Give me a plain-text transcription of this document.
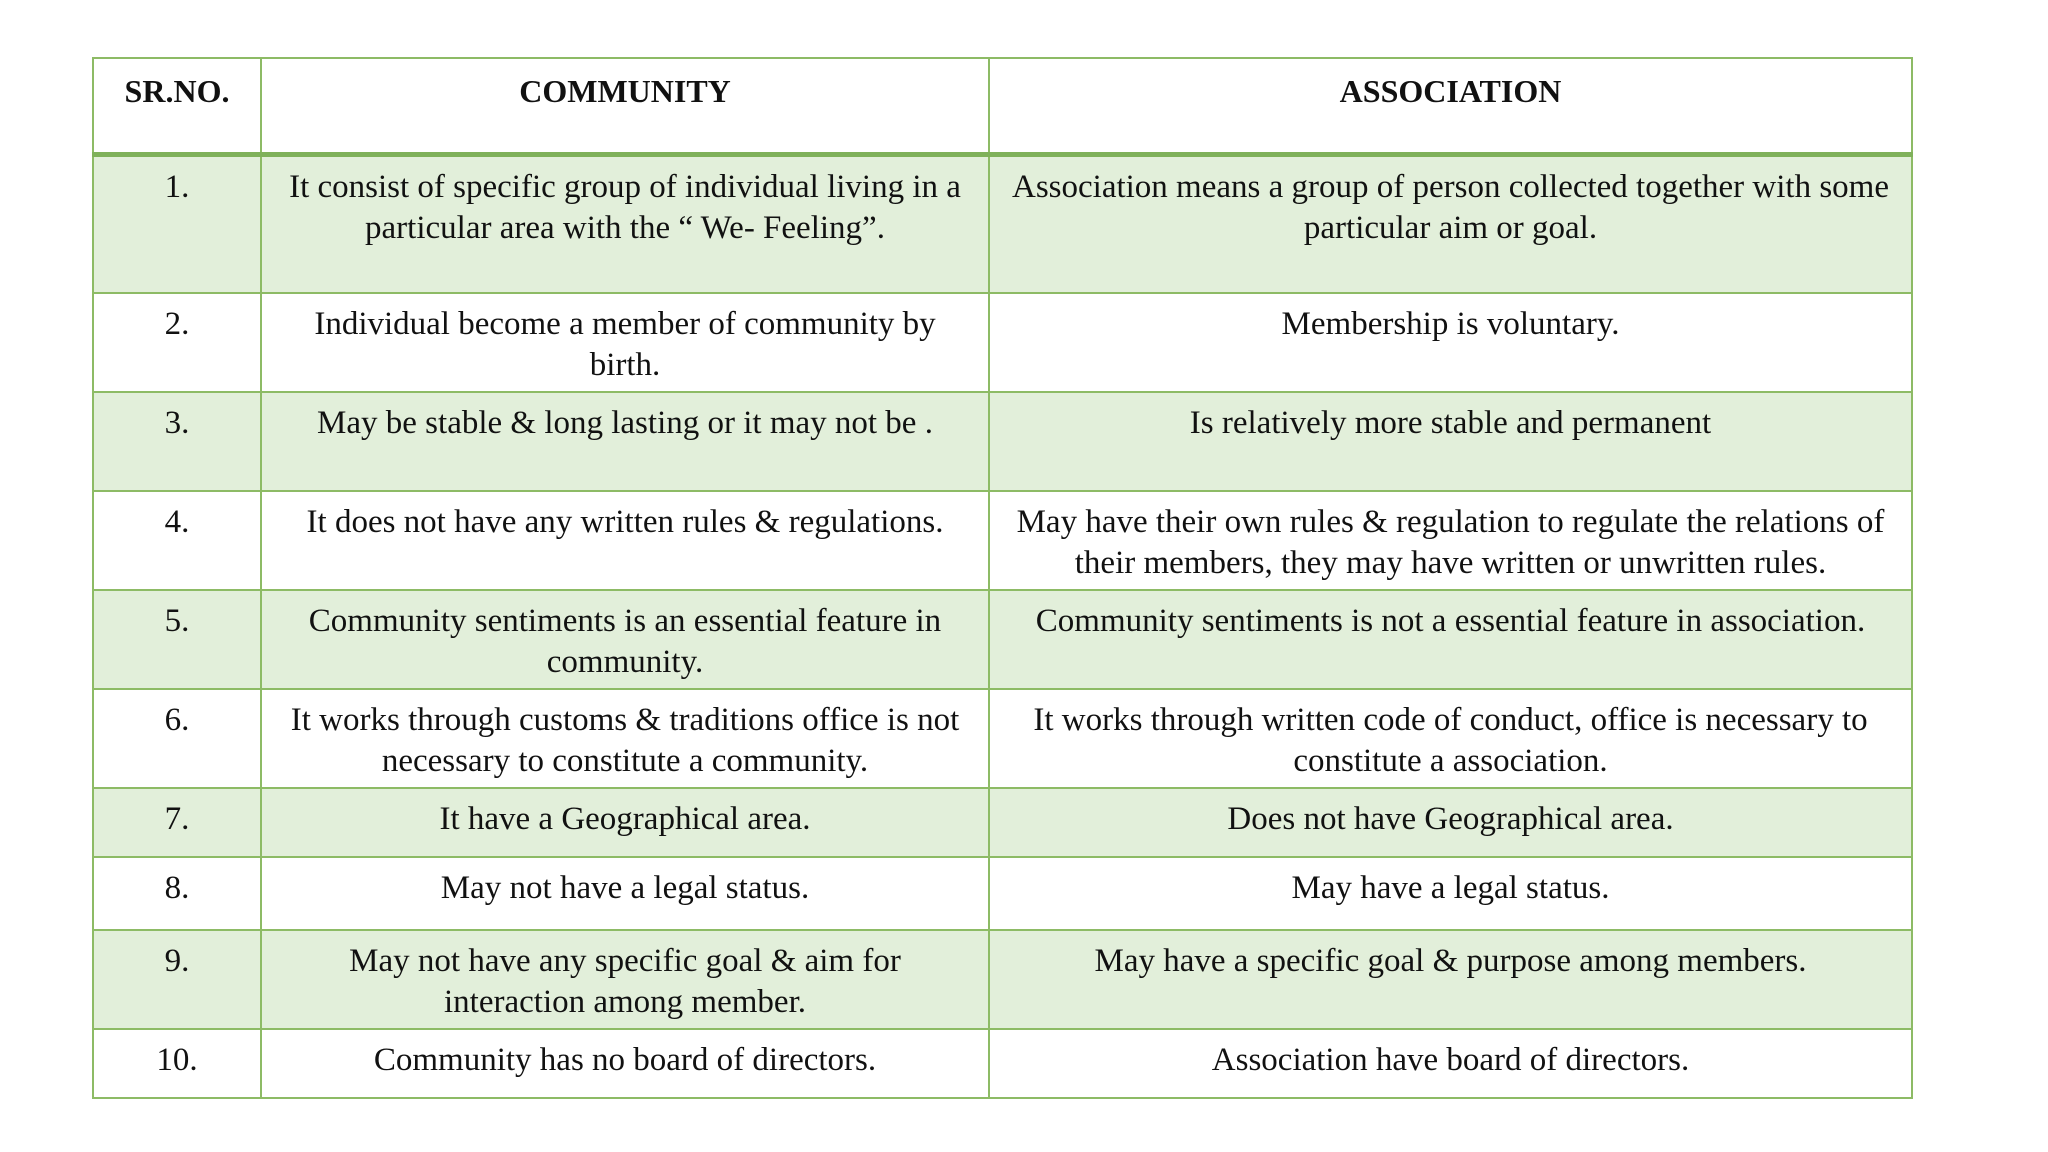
SR.NO.	COMMUNITY	ASSOCIATION
1.	It consist of specific group of individual living in a particular area with the “ We- Feeling”.	Association means a group of person collected together with some particular aim or goal.
2.	Individual become a member of community by birth.	Membership is voluntary.
3.	May be stable & long lasting or it may not be .	Is relatively more stable and permanent
4.	It does not have any written rules & regulations.	May have their own rules & regulation to regulate the relations of their members, they may have written or unwritten rules.
5.	Community sentiments is an essential feature in community.	Community sentiments is not a essential feature in association.
6.	It works through customs & traditions office is not necessary to constitute a community.	It works through written code of conduct, office is necessary to constitute a association.
7.	It have a Geographical area.	Does not have Geographical area.
8.	May not have a legal status.	May have a legal status.
9.	May not have any specific goal & aim for interaction among member.	May have a specific goal & purpose among members.
10.	Community has no board of directors.	Association have board of directors.
